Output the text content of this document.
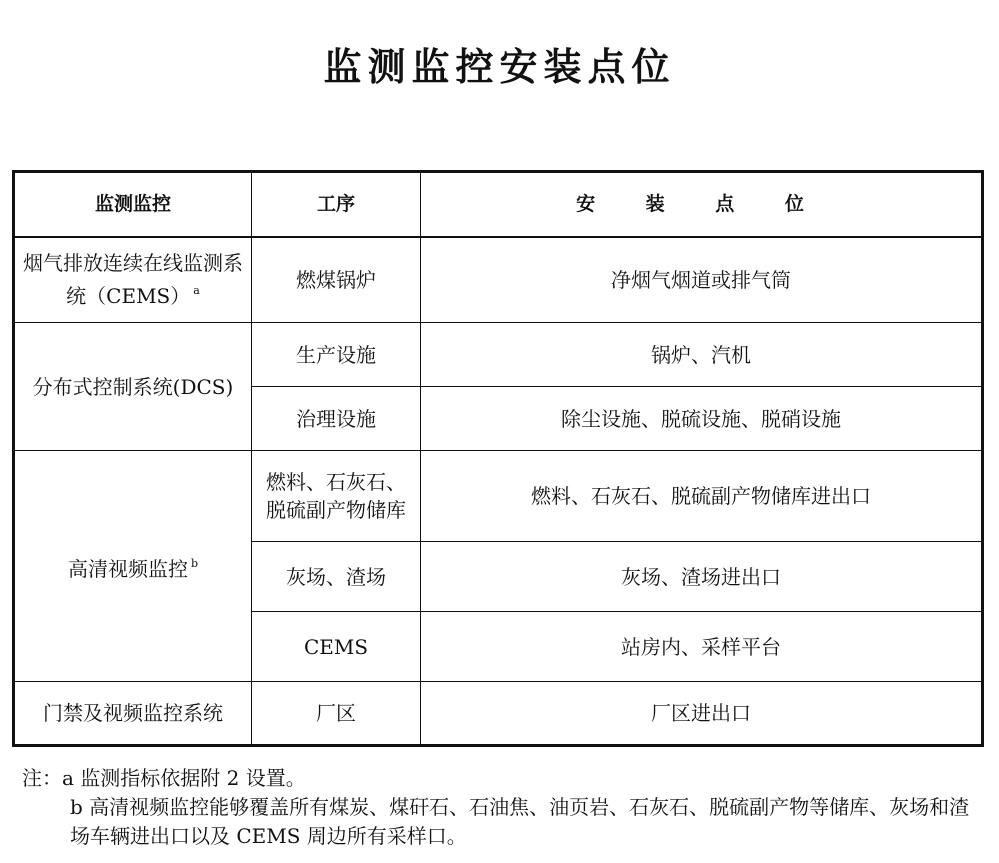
监测监控安装点位
监测监控	工序	安 装 点 位
烟气排放连续在线监测系统（CEMS） $^a$	燃煤锅炉	净烟气烟道或排气筒
分布式控制系统(DCS)	生产设施	锅炉、汽机
	治理设施	除尘设施、脱硫设施、脱硝设施
高清视频监控 $^b$	燃料、石灰石、脱硫副产物储库	燃料、石灰石、脱硫副产物储库进出口
	灰场、渣场	灰场、渣场进出口
	CEMS	站房内、采样平台
门禁及视频监控系统	厂区	厂区进出口

注：a 监测指标依据附 2 设置。

b 高清视频监控能够覆盖所有煤炭、煤矸石、石油焦、油页岩、石灰石、脱硫副产物等储库、灰场和渣场车辆进出口以及 CEMS 周边所有采样口。
